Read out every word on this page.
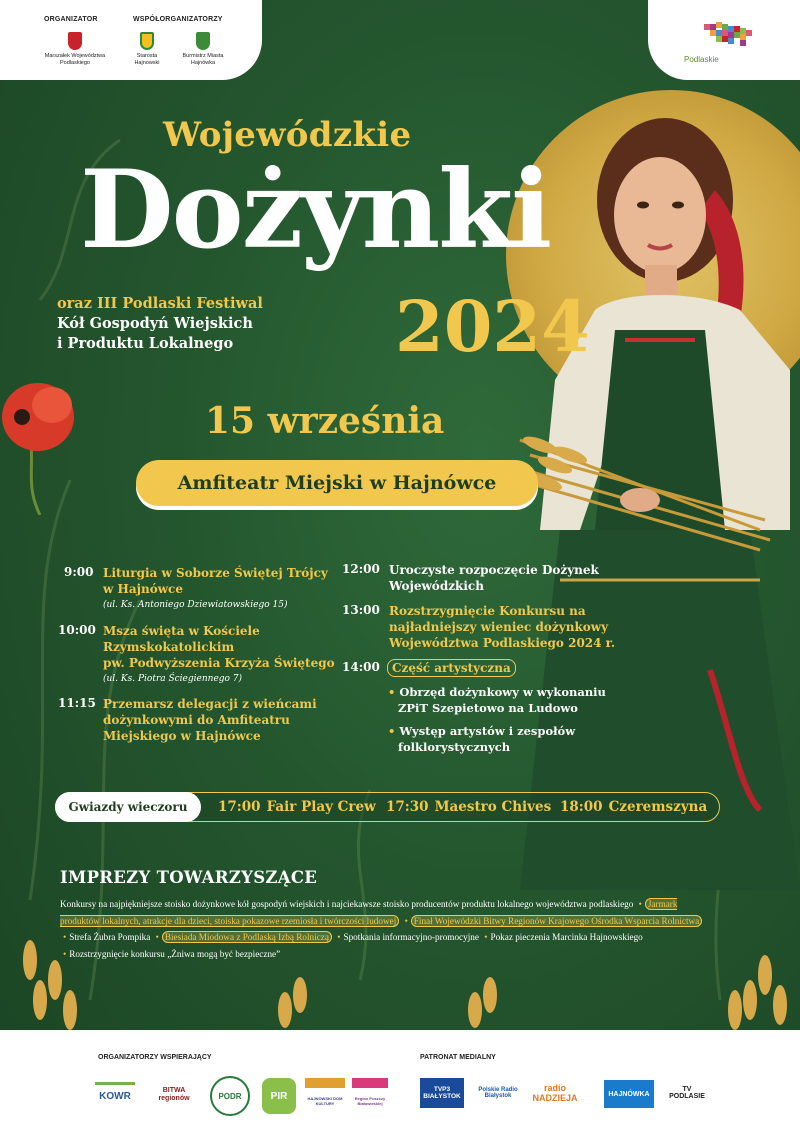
ORGANIZATOR	WSPÓŁORGANIZATORZY
Marszałek Województwa Podlaskiego
Starosta Hajnowski
Burmistrz Miasta Hajnówka	Podlaskie
Wojewódzkie
Dożynki
oraz III Podlaski Festiwal
Kół Gospodyń Wiejskich
i Produktu Lokalnego	2024
15 września
Amfiteatr Miejski w Hajnówce
9:00 Liturgia w Soborze Świętej Trójcy
w Hajnówce
(ul. Ks. Antoniego Dziewiatowskiego 15)
10:00 Msza święta w Kościele
Rzymskokatolickim
pw. Podwyższenia Krzyża Świętego
(ul. Ks. Piotra Ściegiennego 7)
11:15 Przemarsz delegacji z wieńcami
dożynkowymi do Amfiteatru
Miejskiego w Hajnówce
12:00 Uroczyste rozpoczęcie Dożynek
Wojewódzkich
13:00 Rozstrzygnięcie Konkursu na
najładniejszy wieniec dożynkowy
Województwa Podlaskiego 2024 r.
14:00	Część artystyczna
• Obrzęd dożynkowy w wykonaniu
ZPiT Szepietowo na Ludowo
• Występ artystów i zespołów
folklorystycznych
Gwiazdy wieczoru	17:00 Fair Play Crew 17:30 Maestro Chives 18:00 Czeremszyna
IMPREZY TOWARZYSZĄCE
Konkursy na najpiękniejsze stoisko dożynkowe kół gospodyń wiejskich i najciekawsze stoisko producentów produktu lokalnego województwa podlaskiego • Jarmark produktów lokalnych, atrakcje dla dzieci, stoiska pokazowe rzemiosła i twórczości ludowej • Finał Wojewódzki Bitwy Regionów Krajowego Ośrodka Wsparcia Rolnictwa • Strefa Żubra Pompika • Biesiada Miodowa z Podlaską Izbą Rolniczą • Spotkania informacyjno-promocyjne • Pokaz pieczenia Marcinka Hajnowskiego • Rozstrzygnięcie konkursu „Żniwa mogą być bezpieczne”
ORGANIZATORZY WSPIERAJĄCY	PATRONAT MEDIALNY
KOWR
BITWA regionów	PODR	PIR	HAJNOWSKI DOM KULTURY
Region Puszczy Białowieskiej
TVP3 BIAŁYSTOK
Polskie Radio Białystok
radio NADZIEJA	HAJNÓWKA
TV PODLASIE
